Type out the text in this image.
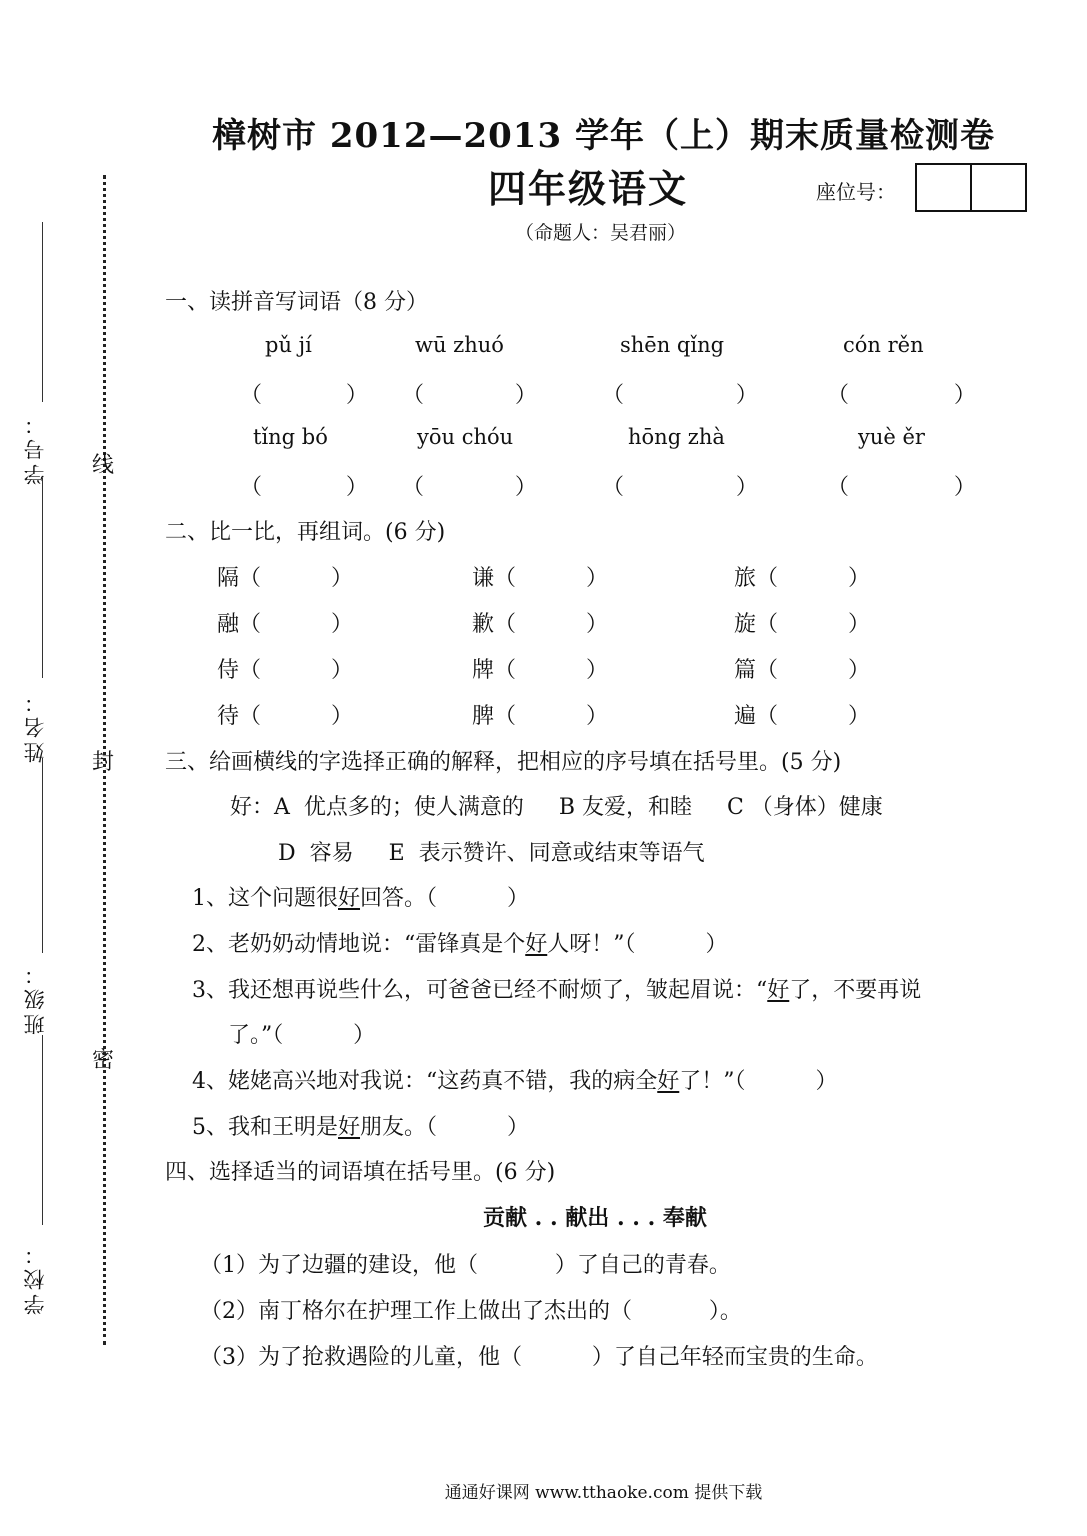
樟树市 2012—2013 学年（上）期末质量检测卷
四年级语文	座位号：
（命题人：吴君丽）
线
封
密
学号：
姓名：
班级：
学校：
一、读拼音写词语（8 分）
pǔ jí	wū zhuó	shēn qǐng	cón rěn
（            ） （             ）	（                ）	（               ）
tǐng bó	yōu chóu	hōng zhà	yuè ěr
（            ） （             ）	（                ）	（               ）
二、比一比，再组词。(6 分)
隔（          ）	谦（          ）	旅（          ）
融（          ）	歉（          ）	旋（          ）
侍（          ）	牌（          ）	篇（          ）
待（          ）	脾（          ）	遍（          ）
三、给画横线的字选择正确的解释，把相应的序号填在括号里。(5 分)
好：A  优点多的；使人满意的     B 友爱，和睦     C （身体）健康
D  容易     E  表示赞许、同意或结束等语气
1、这个问题很好回答。（          ）
2、老奶奶动情地说：“雷锋真是个好人呀！”（          ）
3、我还想再说些什么，可爸爸已经不耐烦了，皱起眉说：“好了，不要再说
了。”（          ）
4、姥姥高兴地对我说：“这药真不错，我的病全好了！”（          ）
5、我和王明是好朋友。（          ）
四、选择适当的词语填在括号里。(6 分)
贡献 . . 献出 . . . 奉献
（1）为了边疆的建设，他（           ）了自己的青春。
（2）南丁格尔在护理工作上做出了杰出的（           ）。
（3）为了抢救遇险的儿童，他（          ）了自己年轻而宝贵的生命。
通通好课网 www.tthaoke.com 提供下载
